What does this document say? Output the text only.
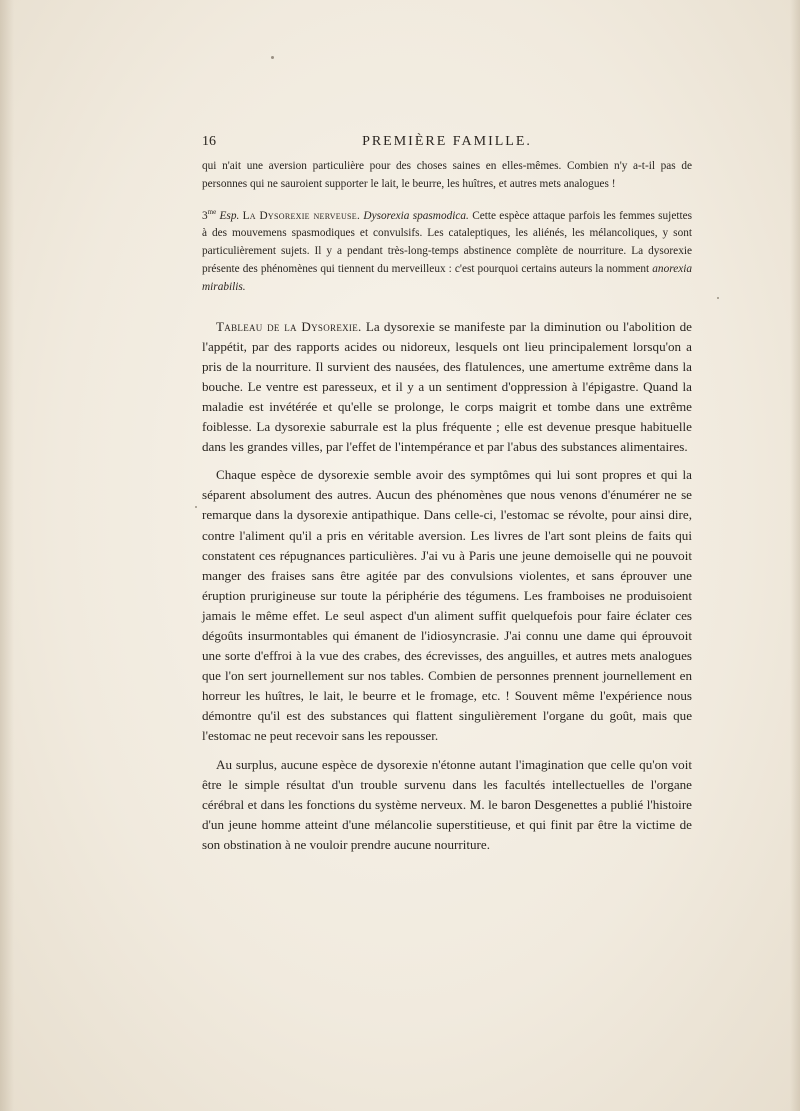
16	PREMIÈRE FAMILLE.

qui n'ait une aversion particulière pour des choses saines en elles-mêmes. Combien n'y a-t-il pas de personnes qui ne sauroient supporter le lait, le beurre, les huîtres, et autres mets analogues !

$3^{me}$ Esp. La Dysorexie nerveuse. Dysorexia spasmodica. Cette espèce attaque parfois les femmes sujettes à des mouvemens spasmodiques et convulsifs. Les cataleptiques, les aliénés, les mélancoliques, y sont particulièrement sujets. Il y a pendant très-long-temps abstinence complète de nourriture. La dysorexie présente des phénomènes qui tiennent du merveilleux : c'est pourquoi certains auteurs la nomment anorexia mirabilis.

Tableau de la Dysorexie. La dysorexie se manifeste par la diminution ou l'abolition de l'appétit, par des rapports acides ou nidoreux, lesquels ont lieu principalement lorsqu'on a pris de la nourriture. Il survient des nausées, des flatulences, une amertume extrême dans la bouche. Le ventre est paresseux, et il y a un sentiment d'oppression à l'épigastre. Quand la maladie est invétérée et qu'elle se prolonge, le corps maigrit et tombe dans une extrême foiblesse. La dysorexie saburrale est la plus fréquente ; elle est devenue presque habituelle dans les grandes villes, par l'effet de l'intempérance et par l'abus des substances alimentaires.

Chaque espèce de dysorexie semble avoir des symptômes qui lui sont propres et qui la séparent absolument des autres. Aucun des phénomènes que nous venons d'énumérer ne se remarque dans la dysorexie antipathique. Dans celle-ci, l'estomac se révolte, pour ainsi dire, contre l'aliment qu'il a pris en véritable aversion. Les livres de l'art sont pleins de faits qui constatent ces répugnances particulières. J'ai vu à Paris une jeune demoiselle qui ne pouvoit manger des fraises sans être agitée par des convulsions violentes, et sans éprouver une éruption prurigineuse sur toute la périphérie des tégumens. Les framboises ne produisoient jamais le même effet. Le seul aspect d'un aliment suffit quelquefois pour faire éclater ces dégoûts insurmontables qui émanent de l'idiosyncrasie. J'ai connu une dame qui éprouvoit une sorte d'effroi à la vue des crabes, des écrevisses, des anguilles, et autres mets analogues que l'on sert journellement sur nos tables. Combien de personnes prennent journellement en horreur les huîtres, le lait, le beurre et le fromage, etc. ! Souvent même l'expérience nous démontre qu'il est des substances qui flattent singulièrement l'organe du goût, mais que l'estomac ne peut recevoir sans les repousser.

Au surplus, aucune espèce de dysorexie n'étonne autant l'imagination que celle qu'on voit être le simple résultat d'un trouble survenu dans les facultés intellectuelles de l'organe cérébral et dans les fonctions du système nerveux. M. le baron Desgenettes a publié l'histoire d'un jeune homme atteint d'une mélancolie superstitieuse, et qui finit par être la victime de son obstination à ne vouloir prendre aucune nourriture.
